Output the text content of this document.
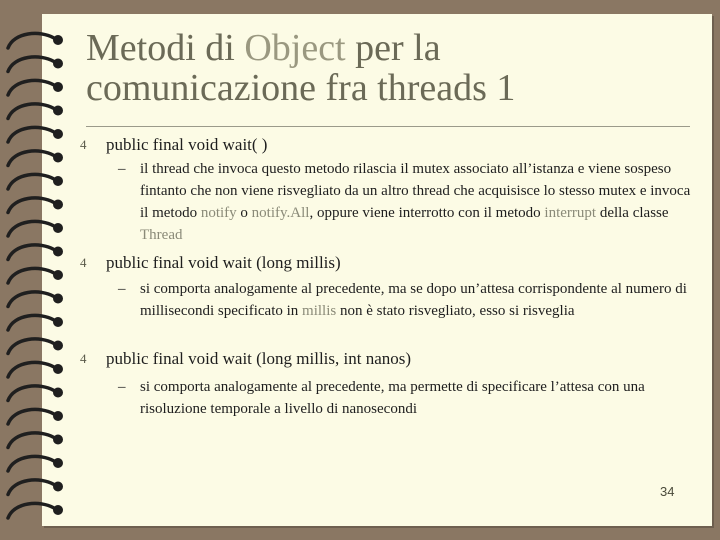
Metodi di Object per la
comunicazione fra threads 1
4 public final void wait( )
– il thread che invoca questo metodo rilascia il mutex associato all’istanza e viene sospeso fintanto che non viene risvegliato da un altro thread che acquisisce lo stesso mutex e invoca il metodo notify o notify.All, oppure viene interrotto con il metodo interrupt della classe Thread
4 public final void wait (long millis)
– si comporta analogamente al precedente, ma se dopo un’attesa corrispondente al numero di millisecondi specificato in millis non è stato risvegliato, esso si risveglia
4 public final void wait (long millis, int nanos)
– si comporta analogamente al precedente, ma permette di specificare l’attesa con una risoluzione temporale a livello di nanosecondi
34
